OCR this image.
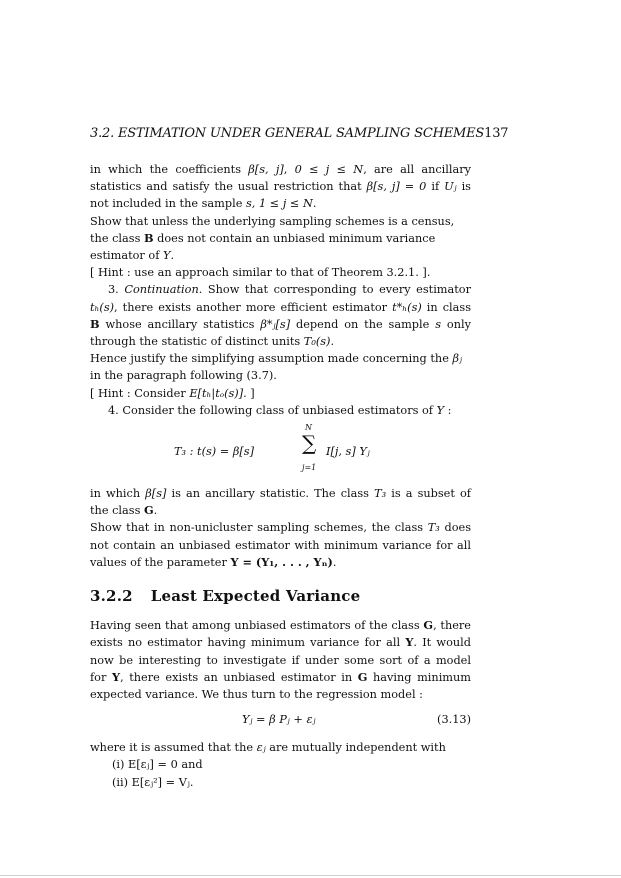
3.2. ESTIMATION UNDER GENERAL SAMPLING SCHEMES137

in which the coefficients β[s, j], 0 ≤ j ≤ N, are all ancillary statistics and satisfy the usual restriction that β[s, j] = 0 if Uⱼ is not included in the sample s, 1 ≤ j ≤ N.

Show that unless the underlying sampling schemes is a census, the class B does not contain an unbiased minimum variance estimator of Y.

[ Hint : use an approach similar to that of Theorem 3.2.1. ].

3. Continuation. Show that corresponding to every estimator tₕ(s), there exists another more efficient estimator t*ₕ(s) in class B whose ancillary statistics β*ⱼ[s] depend on the sample s only through the statistic of distinct units T₀(s).

Hence justify the simplifying assumption made concerning the βⱼ in the paragraph following (3.7).

[ Hint : Consider E[tₕ|tₒ(s)]. ]

4. Consider the following class of unbiased estimators of Y :

T₃ : t(s) = β[s]
N
∑
j=1
I[j, s] Yⱼ

in which β[s] is an ancillary statistic. The class T₃ is a subset of the class G.

Show that in non-unicluster sampling schemes, the class T₃ does not contain an unbiased estimator with minimum variance for all values of the parameter Y = (Y₁, . . . , Yₙ).

3.2.2 Least Expected Variance

Having seen that among unbiased estimators of the class G, there exists no estimator having minimum variance for all Y. It would now be interesting to investigate if under some sort of a model for Y, there exists an unbiased estimator in G having minimum expected variance. We thus turn to the regression model :

Yⱼ = β Pⱼ + εⱼ	(3.13)

where it is assumed that the εⱼ are mutually independent with

(i) E[εⱼ] = 0 and

(ii) E[εⱼ²] = Vⱼ.
